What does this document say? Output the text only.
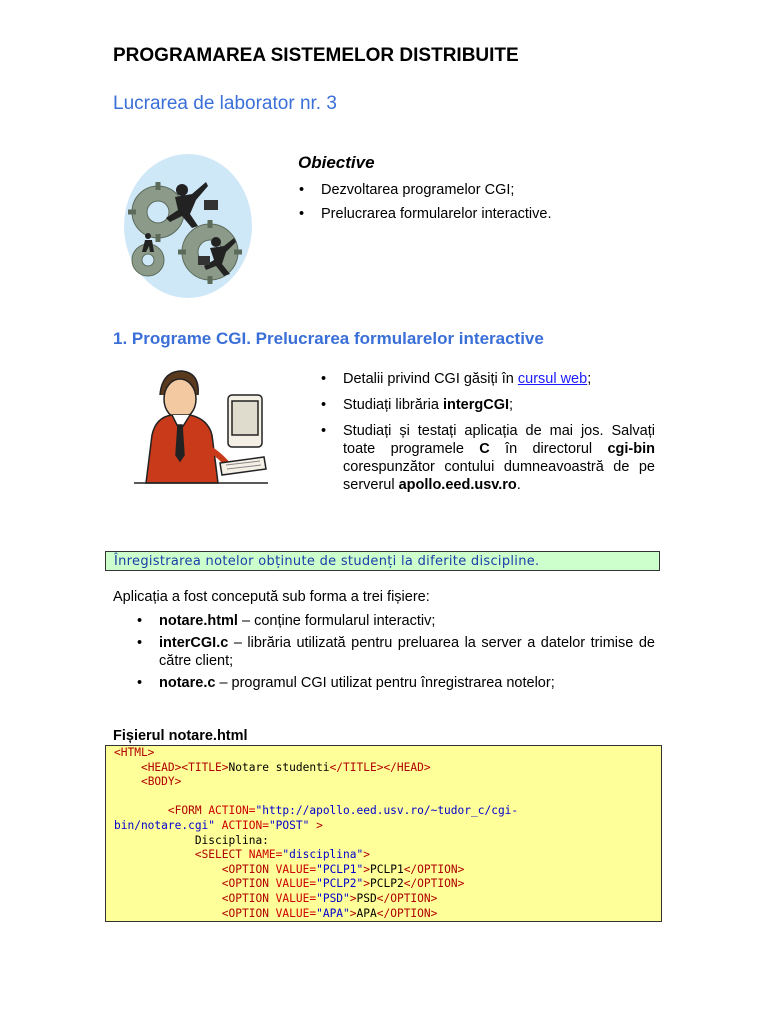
PROGRAMAREA SISTEMELOR DISTRIBUITE
Lucrarea de laborator nr. 3
Obiective
• Dezvoltarea programelor CGI;
• Prelucrarea formularelor interactive.
1. Programe CGI. Prelucrarea formularelor interactive
• Detalii privind CGI găsiți în cursul web;
• Studiați librăria intergCGI;
• Studiați și testați aplicația de mai jos. Salvați toate programele C în directorul cgi-bin corespunzător contului dumneavoastră de pe serverul apollo.eed.usv.ro.
Înregistrarea notelor obținute de studenți la diferite discipline.
Aplicația a fost concepută sub forma a trei fișiere:
• notare.html – conține formularul interactiv;
• interCGI.c – librăria utilizată pentru preluarea la server a datelor trimise de către client;
• notare.c – programul CGI utilizat pentru înregistrarea notelor;
Fișierul notare.html
<HTML>
<HEAD><TITLE>Notare studenti</TITLE></HEAD>
<BODY>
<FORM ACTION="http://apollo.eed.usv.ro/~tudor_c/cgi-
bin/notare.cgi" ACTION="POST" >
Disciplina:
<SELECT NAME="disciplina">
<OPTION VALUE="PCLP1">PCLP1</OPTION>
<OPTION VALUE="PCLP2">PCLP2</OPTION>
<OPTION VALUE="PSD">PSD</OPTION>
<OPTION VALUE="APA">APA</OPTION>
